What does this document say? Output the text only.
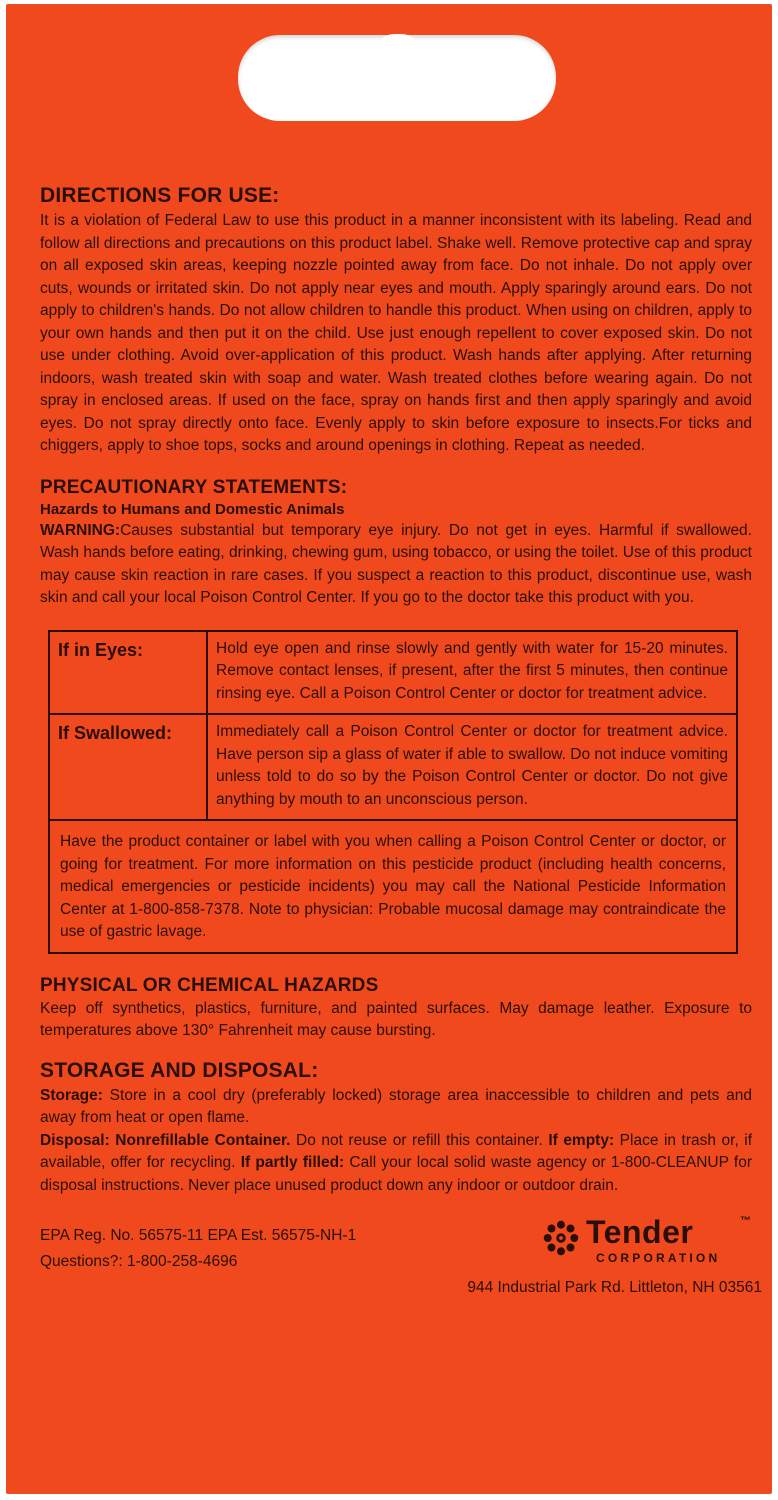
DIRECTIONS FOR USE:

It is a violation of Federal Law to use this product in a manner inconsistent with its labeling. Read and follow all directions and precautions on this product label. Shake well. Remove protective cap and spray on all exposed skin areas, keeping nozzle pointed away from face. Do not inhale. Do not apply over cuts, wounds or irritated skin. Do not apply near eyes and mouth. Apply sparingly around ears. Do not apply to children's hands. Do not allow children to handle this product. When using on children, apply to your own hands and then put it on the child. Use just enough repellent to cover exposed skin. Do not use under clothing. Avoid over-application of this product. Wash hands after applying. After returning indoors, wash treated skin with soap and water. Wash treated clothes before wearing again. Do not spray in enclosed areas. If used on the face, spray on hands first and then apply sparingly and avoid eyes. Do not spray directly onto face. Evenly apply to skin before exposure to insects.For ticks and chiggers, apply to shoe tops, socks and around openings in clothing. Repeat as needed.

PRECAUTIONARY STATEMENTS:
Hazards to Humans and Domestic Animals

WARNING:Causes substantial but temporary eye injury. Do not get in eyes. Harmful if swallowed. Wash hands before eating, drinking, chewing gum, using tobacco, or using the toilet. Use of this product may cause skin reaction in rare cases. If you suspect a reaction to this product, discontinue use, wash skin and call your local Poison Control Center. If you go to the doctor take this product with you.

If in Eyes:	Hold eye open and rinse slowly and gently with water for 15-20 minutes. Remove contact lenses, if present, after the first 5 minutes, then continue rinsing eye. Call a Poison Control Center or doctor for treatment advice.
If Swallowed:	Immediately call a Poison Control Center or doctor for treatment advice. Have person sip a glass of water if able to swallow. Do not induce vomiting unless told to do so by the Poison Control Center or doctor. Do not give anything by mouth to an unconscious person.
Have the product container or label with you when calling a Poison Control Center or doctor, or going for treatment. For more information on this pesticide product (including health concerns, medical emergencies or pesticide incidents) you may call the National Pesticide Information Center at 1-800-858-7378. Note to physician: Probable mucosal damage may contraindicate the use of gastric lavage.	
PHYSICAL OR CHEMICAL HAZARDS

Keep off synthetics, plastics, furniture, and painted surfaces. May damage leather. Exposure to temperatures above 130° Fahrenheit may cause bursting.

STORAGE AND DISPOSAL:

Storage: Store in a cool dry (preferably locked) storage area inaccessible to children and pets and away from heat or open flame.

Disposal: Nonrefillable Container. Do not reuse or refill this container. If empty: Place in trash or, if available, offer for recycling. If partly filled: Call your local solid waste agency or 1-800-CLEANUP for disposal instructions. Never place unused product down any indoor or outdoor drain.

EPA Reg. No. 56575-11 EPA Est. 56575-NH-1
Questions?: 1-800-258-4696
Tender	™
CORPORATION
944 Industrial Park Rd. Littleton, NH 03561
